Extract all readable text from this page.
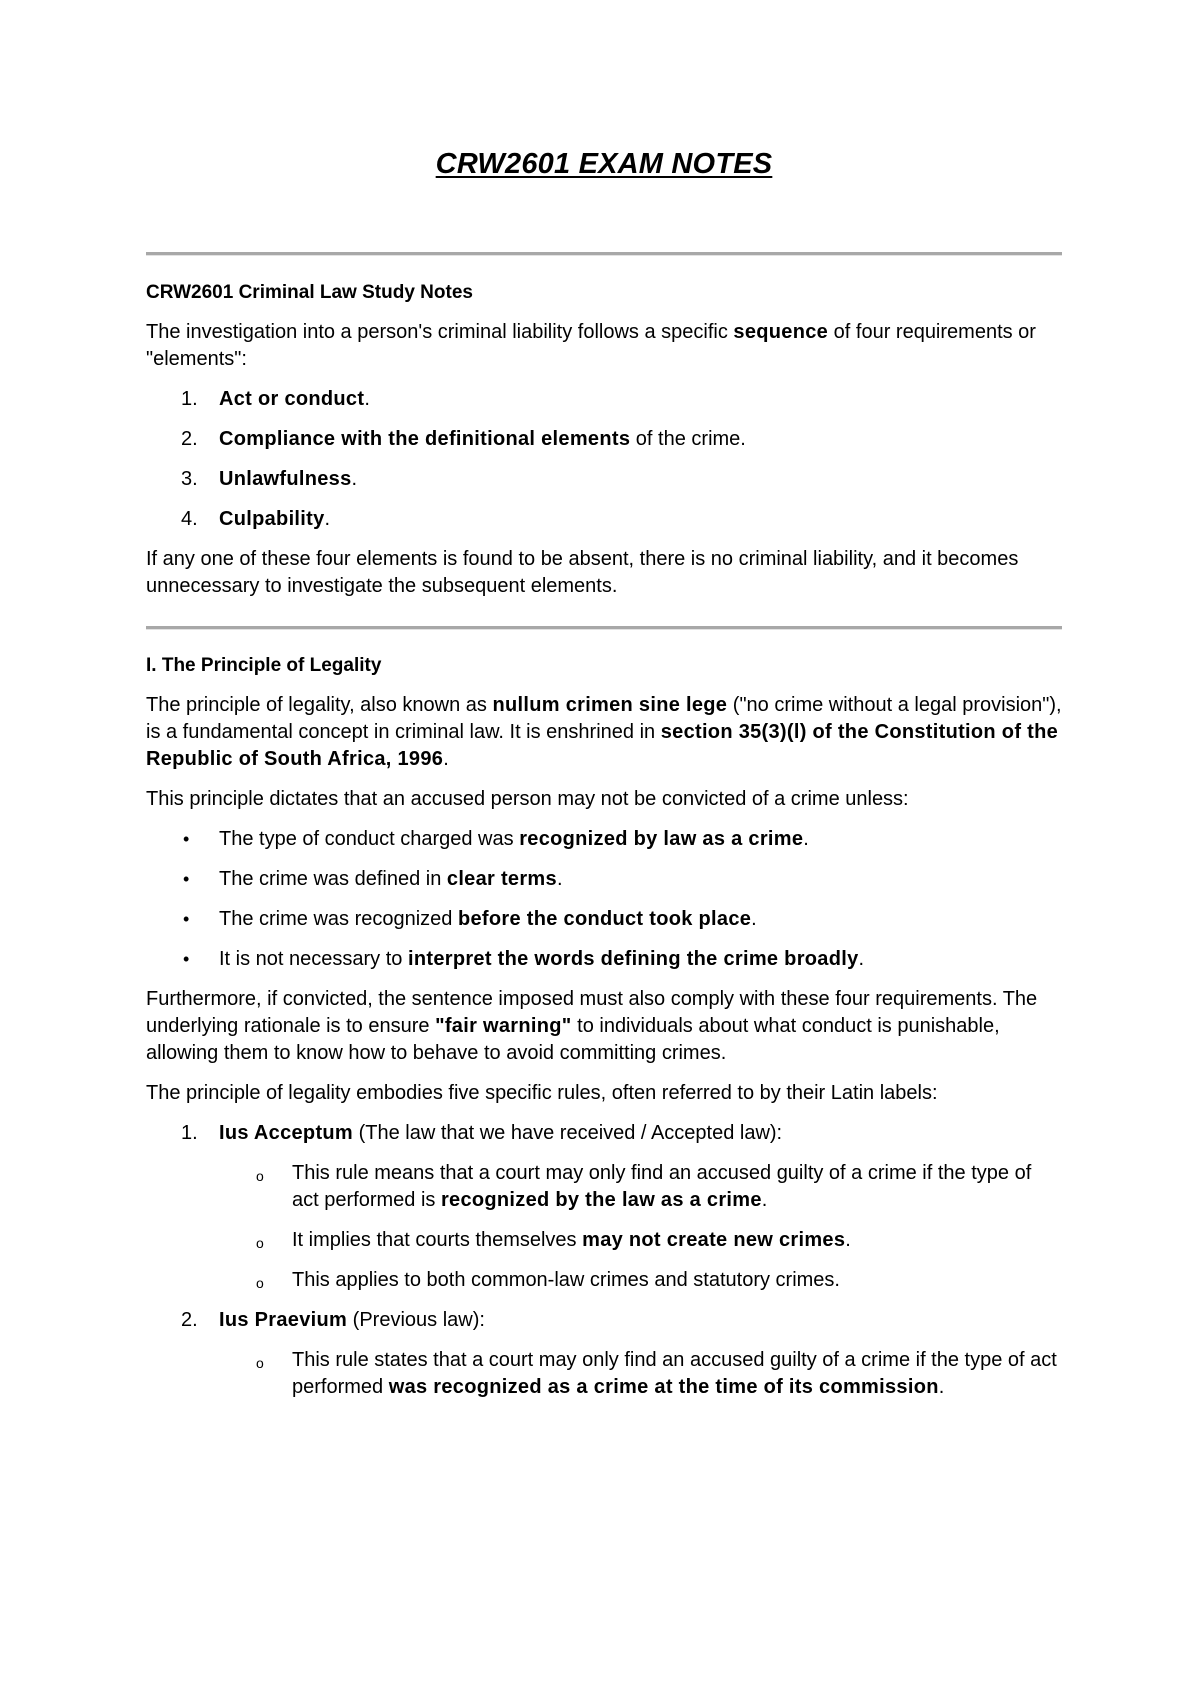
CRW2601 EXAM NOTES

CRW2601 Criminal Law Study Notes

The investigation into a person's criminal liability follows a specific sequence of four requirements or "elements":

1.	Act or conduct.
2.	Compliance with the definitional elements of the crime.
3.	Unlawfulness.
4.	Culpability.

If any one of these four elements is found to be absent, there is no criminal liability, and it becomes unnecessary to investigate the subsequent elements.

I. The Principle of Legality

The principle of legality, also known as nullum crimen sine lege ("no crime without a legal provision"), is a fundamental concept in criminal law. It is enshrined in section 35(3)(l) of the Constitution of the Republic of South Africa, 1996.

This principle dictates that an accused person may not be convicted of a crime unless:

•	The type of conduct charged was recognized by law as a crime.
•	The crime was defined in clear terms.
•	The crime was recognized before the conduct took place.
•	It is not necessary to interpret the words defining the crime broadly.

Furthermore, if convicted, the sentence imposed must also comply with these four requirements. The underlying rationale is to ensure "fair warning" to individuals about what conduct is punishable, allowing them to know how to behave to avoid committing crimes.

The principle of legality embodies five specific rules, often referred to by their Latin labels:

1.	Ius Acceptum (The law that we have received / Accepted law):
o	This rule means that a court may only find an accused guilty of a crime if the type of act performed is recognized by the law as a crime.
o	It implies that courts themselves may not create new crimes.
o	This applies to both common-law crimes and statutory crimes.
2.	Ius Praevium (Previous law):
o	This rule states that a court may only find an accused guilty of a crime if the type of act performed was recognized as a crime at the time of its commission.
